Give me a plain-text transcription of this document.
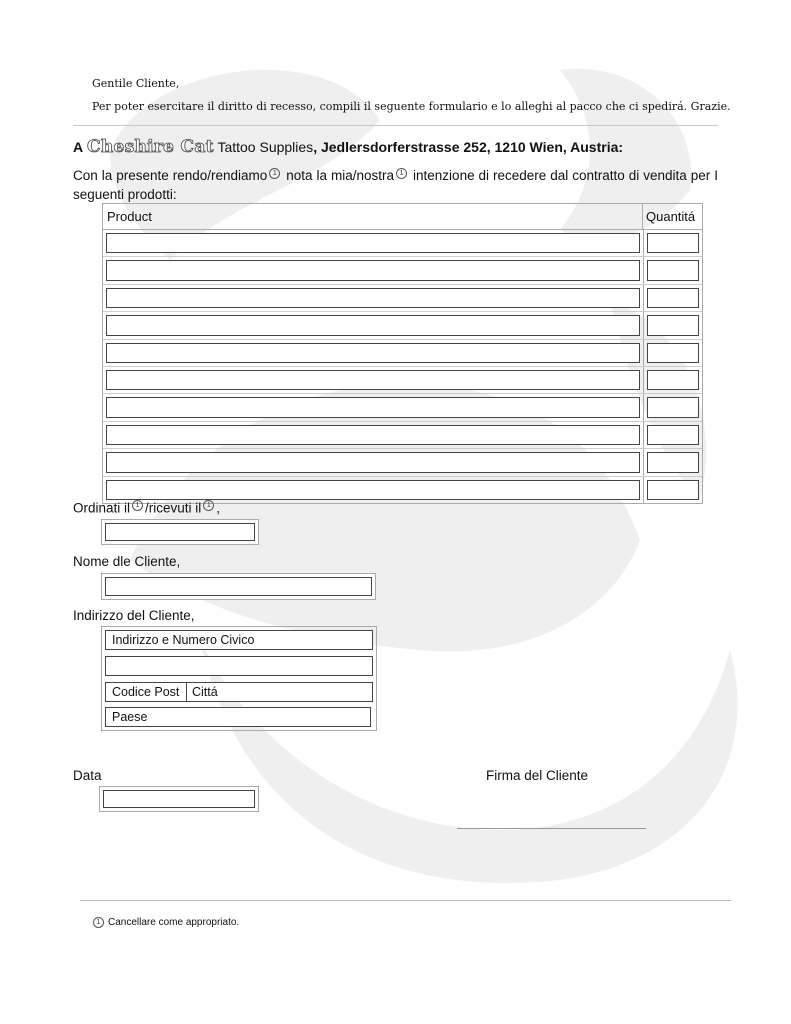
Gentile Cliente,
Per poter esercitare il diritto di recesso, compili il seguente formulario e lo alleghi al pacco che ci spedirá. Grazie.
A Cheshire Cat Tattoo Supplies, Jedlersdorferstrasse 252, 1210 Wien, Austria:
Con la presente rendo/rendiamo 1 nota la mia/nostra 1 intenzione di recedere dal contratto di vendita per I seguenti prodotti:
Product	Quantitá
Ordinati il 1 /ricevuti il 1 ,
Nome dle Cliente,
Indirizzo del Cliente,
Indirizzo e Numero Civico
Codice Post Cittá
Paese
Data	Firma del Cliente
1 Cancellare come appropriato.
